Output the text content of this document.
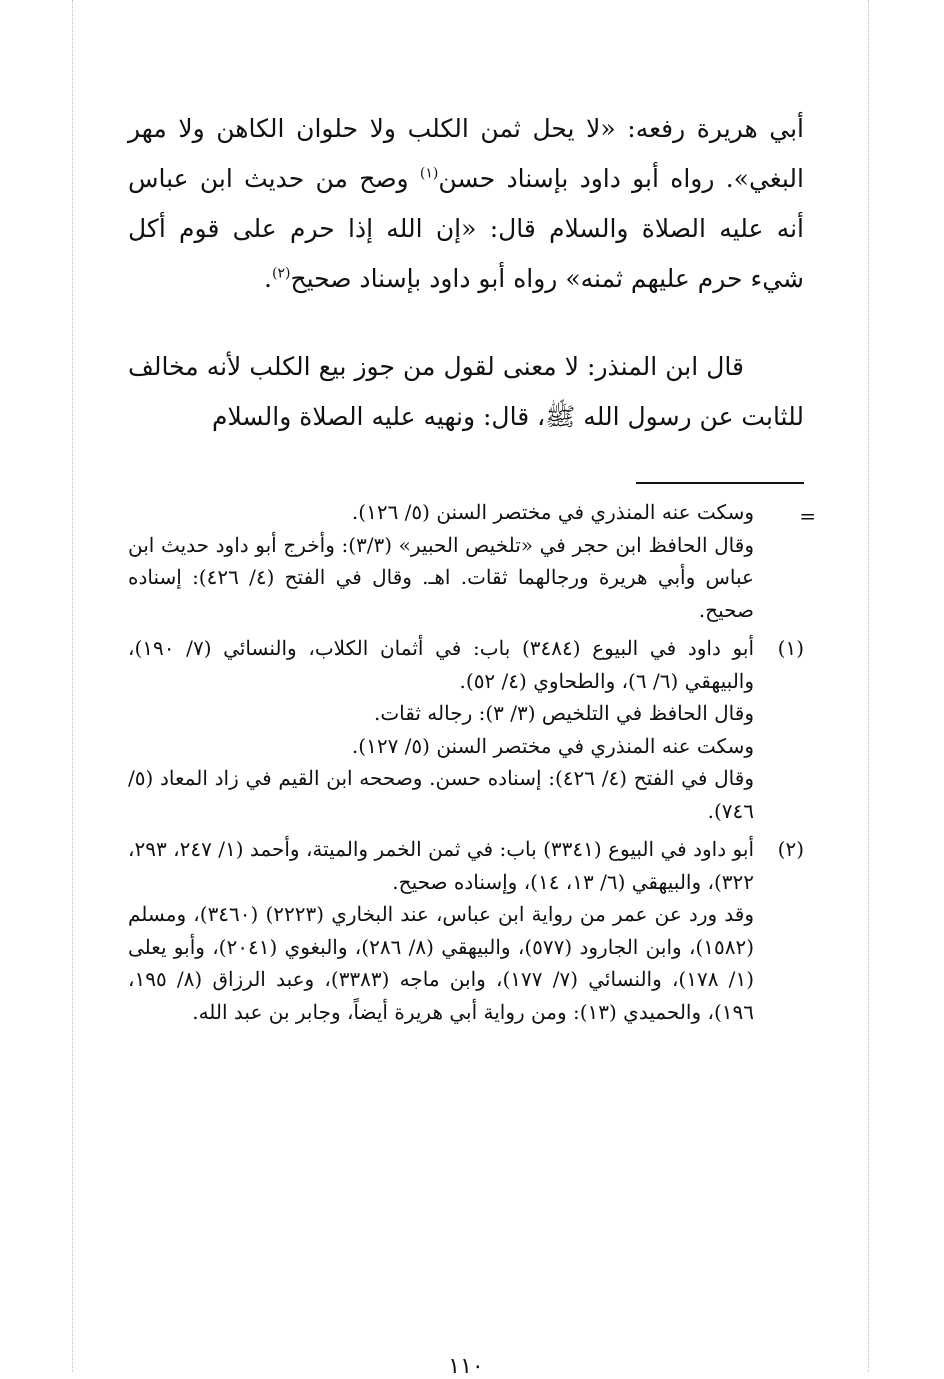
أبي هريرة رفعه: «لا يحل ثمن الكلب ولا حلوان الكاهن ولا مهر البغي». رواه أبو داود بإسناد حسن$^{(١)}$ وصح من حديث ابن عباس أنه عليه الصلاة والسلام قال: «إن الله إذا حرم على قوم أكل شيء حرم عليهم ثمنه» رواه أبو داود بإسناد صحيح$^{(٢)}$.

قال ابن المنذر: لا معنى لقول من جوز بيع الكلب لأنه مخالف للثابت عن رسول الله ﷺ، قال: ونهيه عليه الصلاة والسلام

=

وسكت عنه المنذري في مختصر السنن (٥/ ١٢٦).

وقال الحافظ ابن حجر في «تلخيص الحبير» (٣/٣): وأخرج أبو داود حديث ابن عباس وأبي هريرة ورجالهما ثقات. اهـ. وقال في الفتح (٤/ ٤٢٦): إسناده صحيح.

(١)

أبو داود في البيوع (٣٤٨٤) باب: في أثمان الكلاب، والنسائي (٧/ ١٩٠)، والبيهقي (٦/ ٦)، والطحاوي (٤/ ٥٢).

وقال الحافظ في التلخيص (٣/ ٣): رجاله ثقات.

وسكت عنه المنذري في مختصر السنن (٥/ ١٢٧).

وقال في الفتح (٤/ ٤٢٦): إسناده حسن. وصححه ابن القيم في زاد المعاد (٥/ ٧٤٦).

(٢)

أبو داود في البيوع (٣٣٤١) باب: في ثمن الخمر والميتة، وأحمد (١/ ٢٤٧، ٢٩٣، ٣٢٢)، والبيهقي (٦/ ١٣، ١٤)، وإسناده صحيح.

وقد ورد عن عمر من رواية ابن عباس، عند البخاري (٢٢٢٣) (٣٤٦٠)، ومسلم (١٥٨٢)، وابن الجارود (٥٧٧)، والبيهقي (٨/ ٢٨٦)، والبغوي (٢٠٤١)، وأبو يعلى (١/ ١٧٨)، والنسائي (٧/ ١٧٧)، وابن ماجه (٣٣٨٣)، وعبد الرزاق (٨/ ١٩٥، ١٩٦)، والحميدي (١٣): ومن رواية أبي هريرة أيضاً، وجابر بن عبد الله.

١١٠
